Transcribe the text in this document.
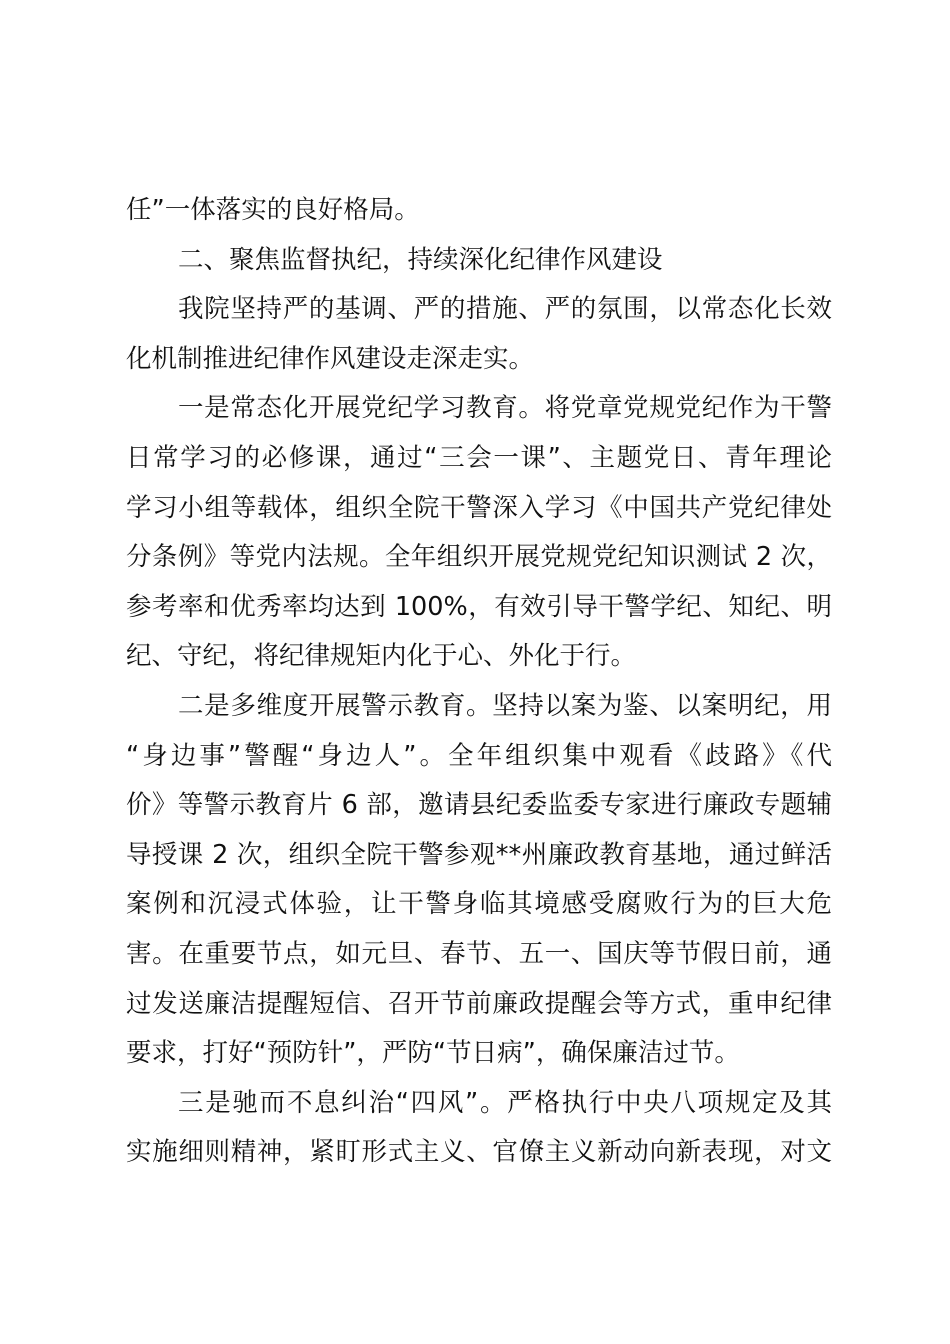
任”一体落实的良好格局。
二、聚焦监督执纪，持续深化纪律作风建设
我院坚持严的基调、严的措施、严的氛围，以常态化长效
化机制推进纪律作风建设走深走实。
一是常态化开展党纪学习教育。将党章党规党纪作为干警
日常学习的必修课，通过“三会一课”、主题党日、青年理论
学习小组等载体，组织全院干警深入学习《中国共产党纪律处
分条例》等党内法规。全年组织开展党规党纪知识测试 2 次，
参考率和优秀率均达到 100%，有效引导干警学纪、知纪、明
纪、守纪，将纪律规矩内化于心、外化于行。
二是多维度开展警示教育。坚持以案为鉴、以案明纪，用
“身边事”警醒“身边人”。全年组织集中观看《歧路》《代
价》等警示教育片 6 部，邀请县纪委监委专家进行廉政专题辅
导授课 2 次，组织全院干警参观**州廉政教育基地，通过鲜活
案例和沉浸式体验，让干警身临其境感受腐败行为的巨大危
害。在重要节点，如元旦、春节、五一、国庆等节假日前，通
过发送廉洁提醒短信、召开节前廉政提醒会等方式，重申纪律
要求，打好“预防针”，严防“节日病”，确保廉洁过节。
三是驰而不息纠治“四风”。严格执行中央八项规定及其
实施细则精神，紧盯形式主义、官僚主义新动向新表现，对文
